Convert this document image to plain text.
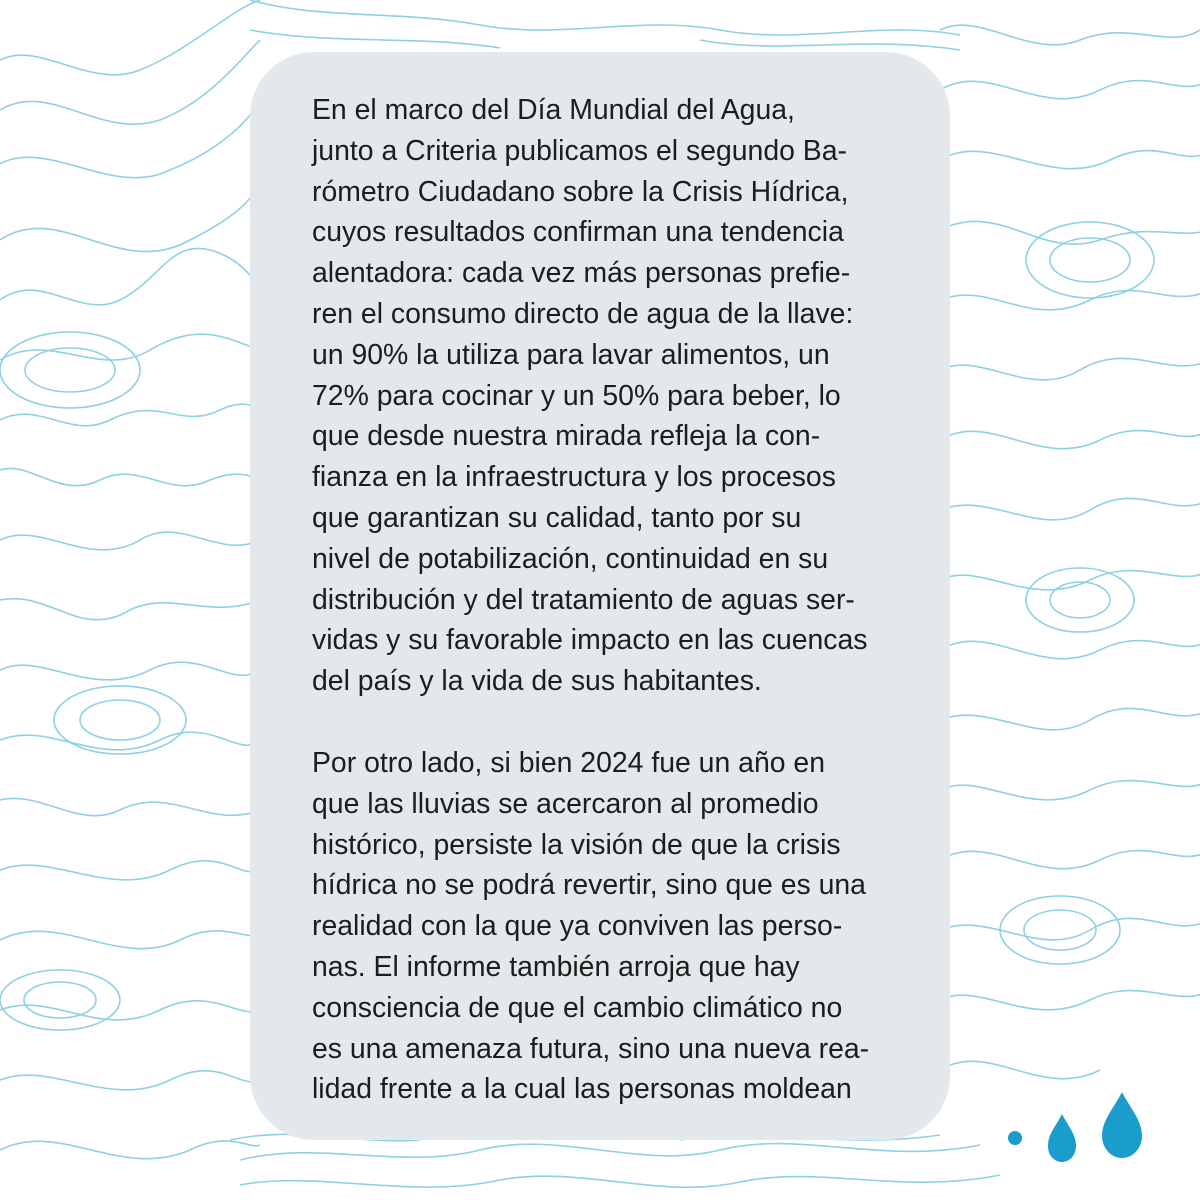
En el marco del Día Mundial del Agua,
junto a Criteria publicamos el segundo Ba-
rómetro Ciudadano sobre la Crisis Hídrica,
cuyos resultados confirman una tendencia
alentadora: cada vez más personas prefie-
ren el consumo directo de agua de la llave:
un 90% la utiliza para lavar alimentos, un
72% para cocinar y un 50% para beber, lo
que desde nuestra mirada refleja la con-
fianza en la infraestructura y los procesos
que garantizan su calidad, tanto por su
nivel de potabilización, continuidad en su
distribución y del tratamiento de aguas ser-
vidas y su favorable impacto en las cuencas
del país y la vida de sus habitantes.

Por otro lado, si bien 2024 fue un año en
que las lluvias se acercaron al promedio
histórico, persiste la visión de que la crisis
hídrica no se podrá revertir, sino que es una
realidad con la que ya conviven las perso-
nas. El informe también arroja que hay
consciencia de que el cambio climático no
es una amenaza futura, sino una nueva rea-
lidad frente a la cual las personas moldean
